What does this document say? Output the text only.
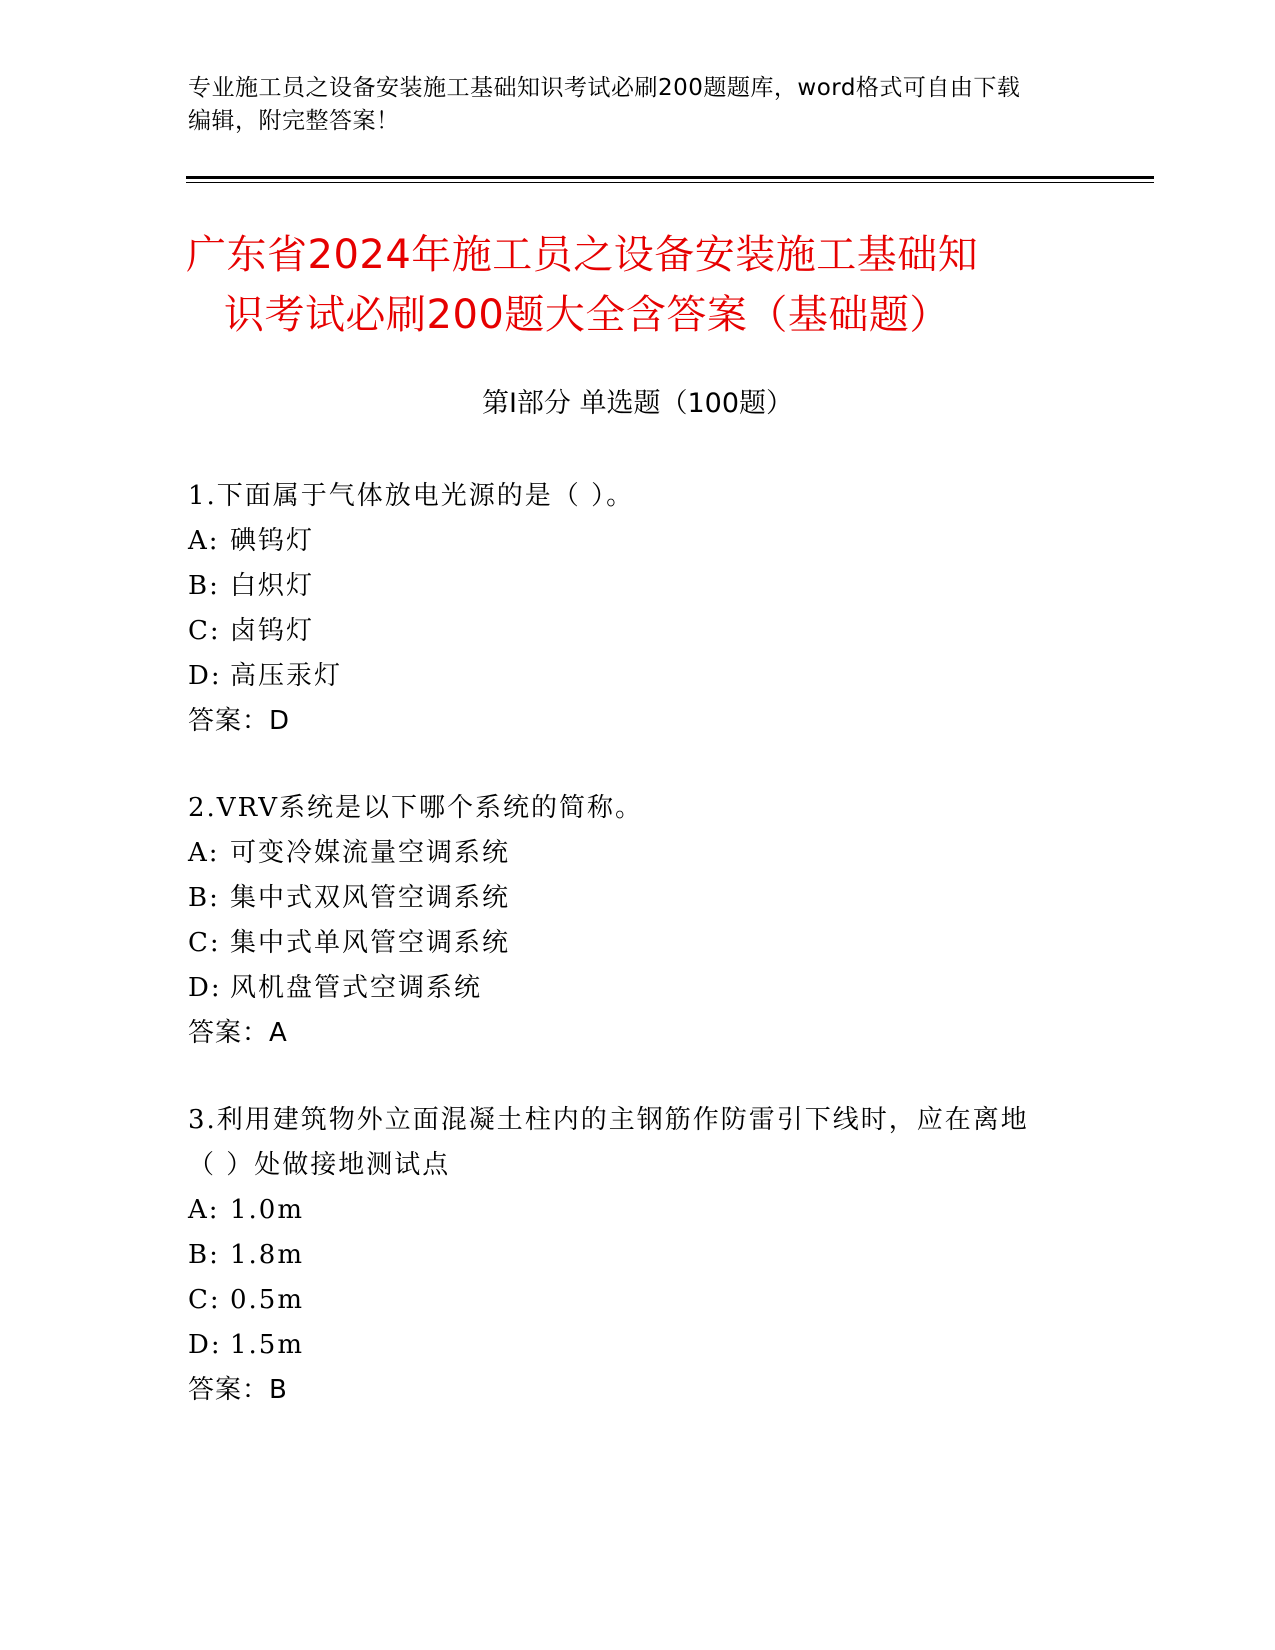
专业施工员之设备安装施工基础知识考试必刷200题题库，word格式可自由下载
编辑，附完整答案！
广东省2024年施工员之设备安装施工基础知
识考试必刷200题大全含答案（基础题）
第Ⅰ部分 单选题（100题）
1.下面属于气体放电光源的是（ ）。
A: 碘钨灯
B: 白炽灯
C: 卤钨灯
D: 高压汞灯
答案：D
2.VRV系统是以下哪个系统的简称。
A: 可变冷媒流量空调系统
B: 集中式双风管空调系统
C: 集中式单风管空调系统
D: 风机盘管式空调系统
答案：A
3.利用建筑物外立面混凝土柱内的主钢筋作防雷引下线时，应在离地
（ ）处做接地测试点
A: 1.0m
B: 1.8m
C: 0.5m
D: 1.5m
答案：B
